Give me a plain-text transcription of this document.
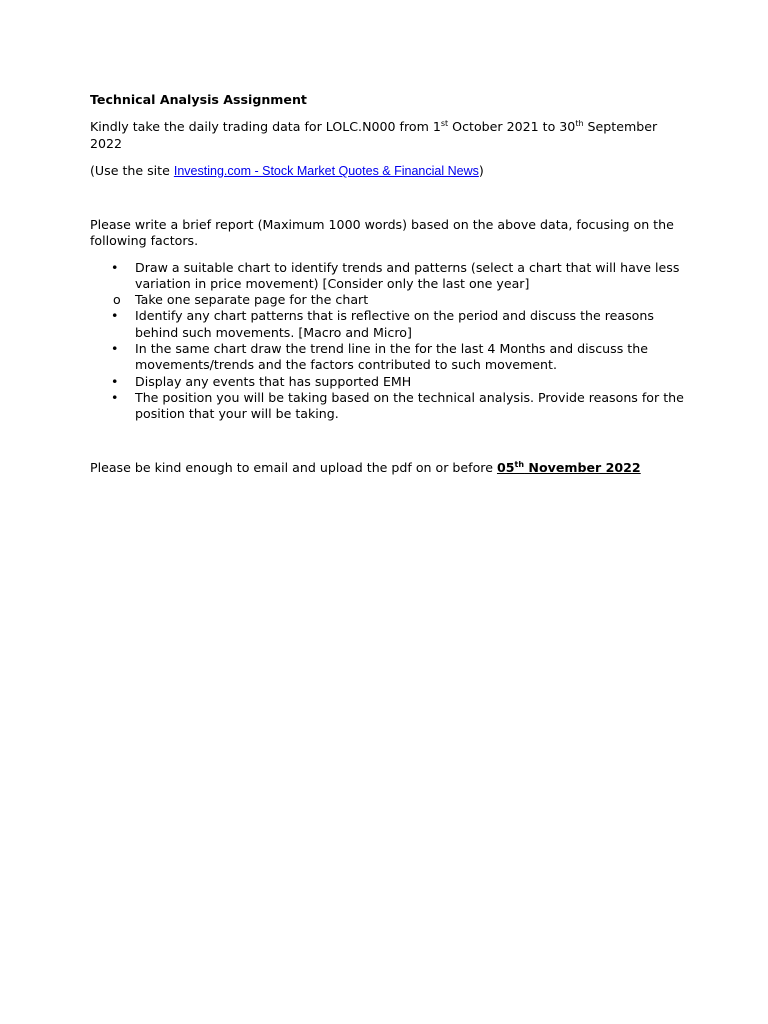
Technical Analysis Assignment

Kindly take the daily trading data for LOLC.N000 from 1st October 2021 to 30th September 2022

(Use the site Investing.com - Stock Market Quotes & Financial News)

Please write a brief report (Maximum 1000 words) based on the above data, focusing on the following factors.

• Draw a suitable chart to identify trends and patterns (select a chart that will have less variation in price movement) [Consider only the last one year]
o Take one separate page for the chart
• Identify any chart patterns that is reflective on the period and discuss the reasons behind such movements. [Macro and Micro]
• In the same chart draw the trend line in the for the last 4 Months and discuss the movements/trends and the factors contributed to such movement.
• Display any events that has supported EMH
• The position you will be taking based on the technical analysis. Provide reasons for the position that your will be taking.

Please be kind enough to email and upload the pdf on or before 05th November 2022
